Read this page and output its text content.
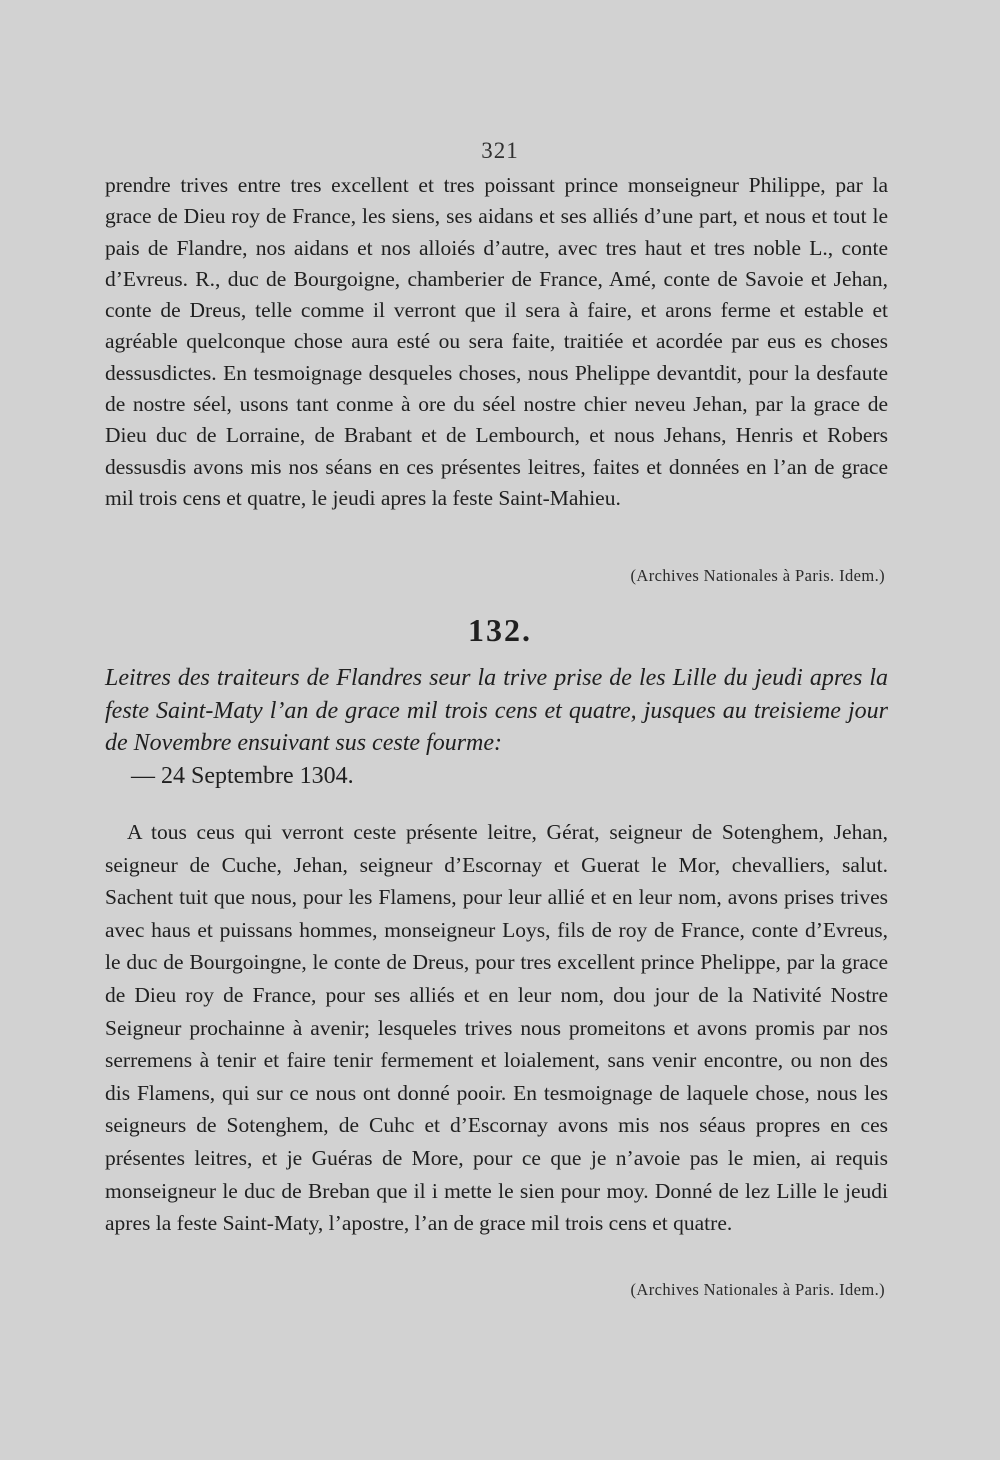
321

prendre trives entre tres excellent et tres poissant prince monseigneur Philippe, par la grace de Dieu roy de France, les siens, ses aidans et ses alliés d’une part, et nous et tout le pais de Flandre, nos aidans et nos alloiés d’autre, avec tres haut et tres noble L., conte d’Evreus. R., duc de Bourgoigne, chamberier de France, Amé, conte de Savoie et Jehan, conte de Dreus, telle comme il verront que il sera à faire, et arons ferme et estable et agréable quelconque chose aura esté ou sera faite, traitiée et acordée par eus es choses dessusdictes. En tesmoignage desqueles choses, nous Phelippe devantdit, pour la desfaute de nostre séel, usons tant conme à ore du séel nostre chier neveu Jehan, par la grace de Dieu duc de Lorraine, de Brabant et de Lembourch, et nous Jehans, Henris et Robers dessusdis avons mis nos séans en ces présentes leitres, faites et données en l’an de grace mil trois cens et quatre, le jeudi apres la feste Saint-Mahieu.

(Archives Nationales à Paris. Idem.)
132.
Leitres des traiteurs de Flandres seur la trive prise de les Lille du jeudi apres la feste Saint-Maty l’an de grace mil trois cens et quatre, jusques au treisieme jour de Novembre ensuivant sus ceste fourme:
— 24 Septembre 1304.

A tous ceus qui verront ceste présente leitre, Gérat, seigneur de Sotenghem, Jehan, seigneur de Cuche, Jehan, seigneur d’Escornay et Guerat le Mor, chevalliers, salut. Sachent tuit que nous, pour les Flamens, pour leur allié et en leur nom, avons prises trives avec haus et puissans hommes, monseigneur Loys, fils de roy de France, conte d’Evreus, le duc de Bourgoingne, le conte de Dreus, pour tres excellent prince Phelippe, par la grace de Dieu roy de France, pour ses alliés et en leur nom, dou jour de la Nativité Nostre Seigneur prochainne à avenir; lesqueles trives nous promeitons et avons promis par nos serremens à tenir et faire tenir fermement et loialement, sans venir encontre, ou non des dis Flamens, qui sur ce nous ont donné pooir. En tesmoignage de laquele chose, nous les seigneurs de Sotenghem, de Cuhc et d’Escornay avons mis nos séaus propres en ces présentes leitres, et je Guéras de More, pour ce que je n’avoie pas le mien, ai requis monseigneur le duc de Breban que il i mette le sien pour moy. Donné de lez Lille le jeudi apres la feste Saint-Maty, l’apostre, l’an de grace mil trois cens et quatre.

(Archives Nationales à Paris. Idem.)
